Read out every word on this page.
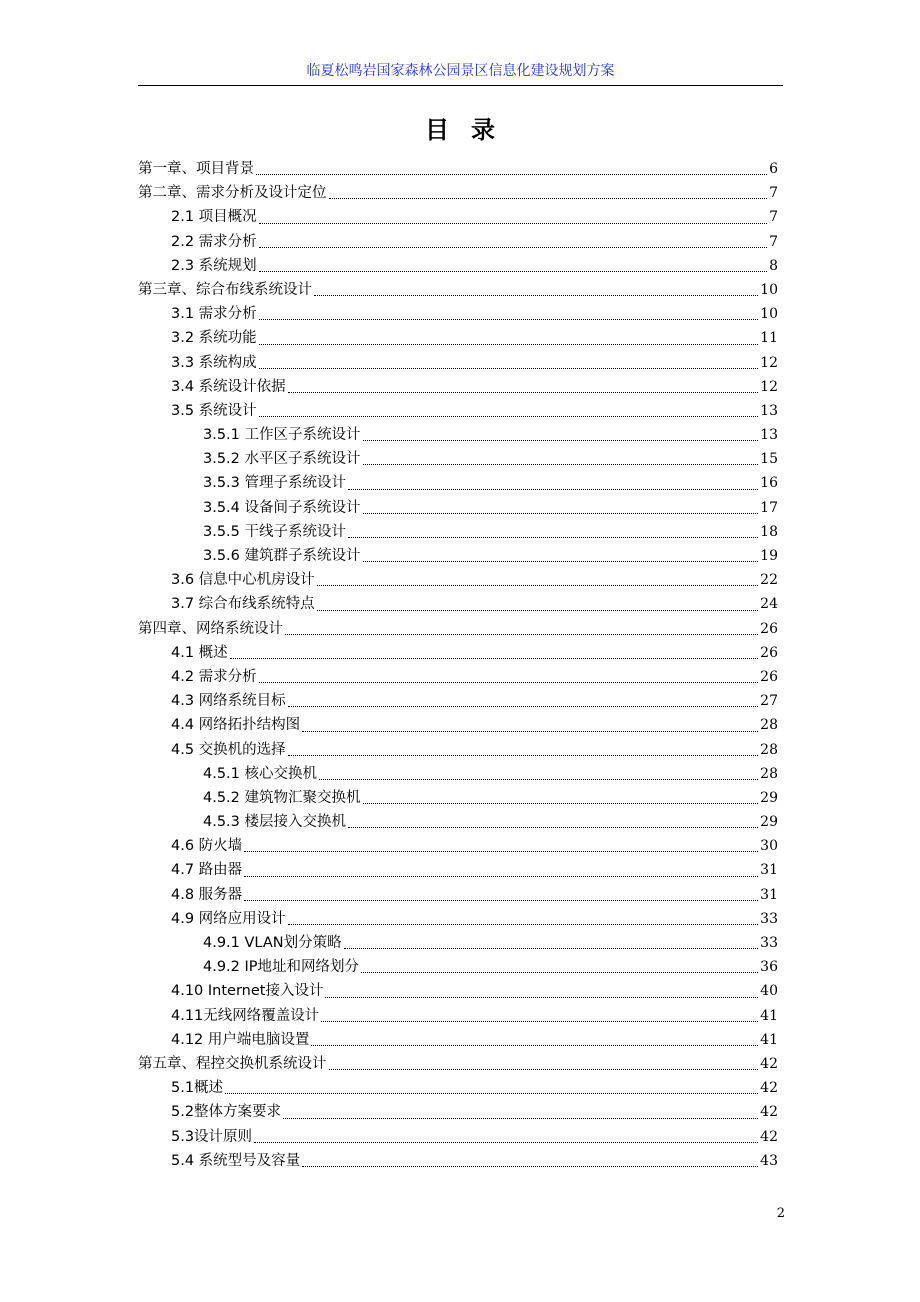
临夏松鸣岩国家森林公园景区信息化建设规划方案
目录
第一章、项目背景	6
第二章、需求分析及设计定位	7
2.1 项目概况	7
2.2 需求分析	7
2.3 系统规划	8
第三章、综合布线系统设计	10
3.1 需求分析	10
3.2 系统功能	11
3.3 系统构成	12
3.4 系统设计依据	12
3.5 系统设计	13
3.5.1 工作区子系统设计	13
3.5.2 水平区子系统设计	15
3.5.3 管理子系统设计	16
3.5.4 设备间子系统设计	17
3.5.5 干线子系统设计	18
3.5.6 建筑群子系统设计	19
3.6 信息中心机房设计	22
3.7 综合布线系统特点	24
第四章、网络系统设计	26
4.1 概述	26
4.2 需求分析	26
4.3 网络系统目标	27
4.4 网络拓扑结构图	28
4.5 交换机的选择	28
4.5.1 核心交换机	28
4.5.2 建筑物汇聚交换机	29
4.5.3 楼层接入交换机	29
4.6 防火墙	30
4.7 路由器	31
4.8 服务器	31
4.9 网络应用设计	33
4.9.1 VLAN划分策略	33
4.9.2 IP地址和网络划分	36
4.10 Internet接入设计	40
4.11无线网络覆盖设计	41
4.12 用户端电脑设置	41
第五章、程控交换机系统设计	42
5.1概述	42
5.2整体方案要求	42
5.3设计原则	42
5.4 系统型号及容量	43
2
